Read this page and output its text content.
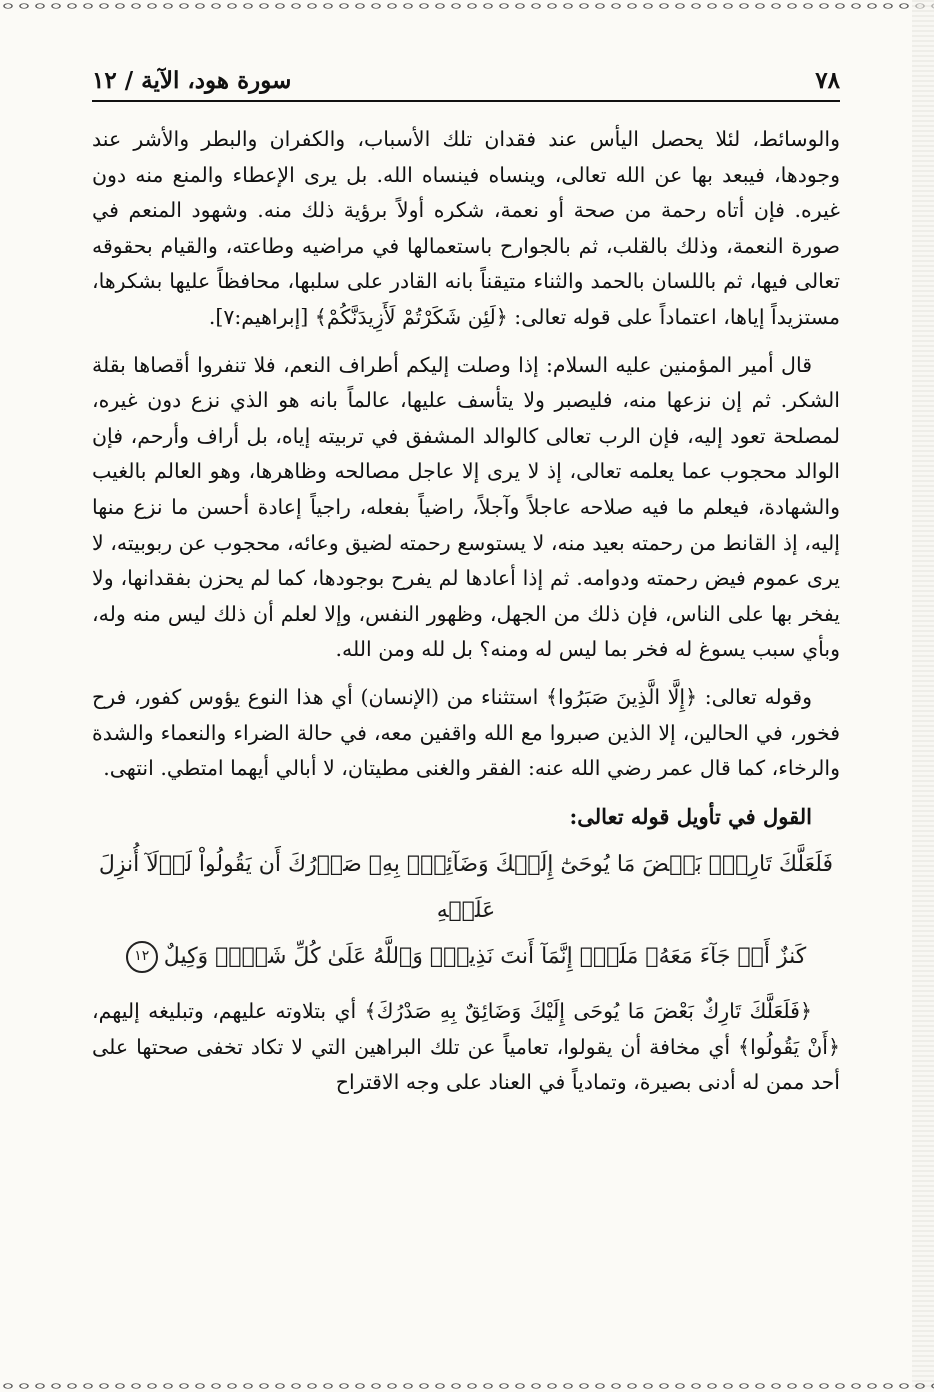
٧٨
سورة هود، الآية / ١٢

والوسائط، لئلا يحصل اليأس عند فقدان تلك الأسباب، والكفران والبطر والأشر عند وجودها، فيبعد بها عن الله تعالى، وينساه فينساه الله. بل يرى الإعطاء والمنع منه دون غيره. فإن أتاه رحمة من صحة أو نعمة، شكره أولاً برؤية ذلك منه. وشهود المنعم في صورة النعمة، وذلك بالقلب، ثم بالجوارح باستعمالها في مراضيه وطاعته، والقيام بحقوقه تعالى فيها، ثم باللسان بالحمد والثناء متيقناً بانه القادر على سلبها، محافظاً عليها بشكرها، مستزيداً إياها، اعتماداً على قوله تعالى: ﴿لَئِن شَكَرْتُمْ لَأَزِيدَنَّكُمْ﴾ [إبراهيم:٧].

قال أمير المؤمنين عليه السلام: إذا وصلت إليكم أطراف النعم، فلا تنفروا أقصاها بقلة الشكر. ثم إن نزعها منه، فليصبر ولا يتأسف عليها، عالماً بانه هو الذي نزع دون غيره، لمصلحة تعود إليه، فإن الرب تعالى كالوالد المشفق في تربيته إياه، بل أراف وأرحم، فإن الوالد محجوب عما يعلمه تعالى، إذ لا يرى إلا عاجل مصالحه وظاهرها، وهو العالم بالغيب والشهادة، فيعلم ما فيه صلاحه عاجلاً وآجلاً، راضياً بفعله، راجياً إعادة أحسن ما نزع منها إليه، إذ القانط من رحمته بعيد منه، لا يستوسع رحمته لضيق وعائه، محجوب عن ربوبيته، لا يرى عموم فيض رحمته ودوامه. ثم إذا أعادها لم يفرح بوجودها، كما لم يحزن بفقدانها، ولا يفخر بها على الناس، فإن ذلك من الجهل، وظهور النفس، وإلا لعلم أن ذلك ليس منه وله، وبأي سبب يسوغ له فخر بما ليس له ومنه؟ بل لله ومن الله.

وقوله تعالى: ﴿إِلَّا الَّذِينَ صَبَرُوا﴾ استثناء من (الإنسان) أي هذا النوع يؤوس كفور، فرح فخور، في الحالين، إلا الذين صبروا مع الله واقفين معه، في حالة الضراء والنعماء والشدة والرخاء، كما قال عمر رضي الله عنه: الفقر والغنى مطيتان، لا أبالي أيهما امتطي. انتهى.

القول في تأويل قوله تعالى:
فَلَعَلَّكَ تَارِكٌۢ بَعۡضَ مَا يُوحَىٰٓ إِلَيۡكَ وَضَآئِقُۢ بِهِۦ صَدۡرُكَ أَن يَقُولُواْ لَوۡلَآ أُنزِلَ عَلَيۡهِ
كَنزٌ أَوۡ جَآءَ مَعَهُۥ مَلَكٌۚ إِنَّمَآ أَنتَ نَذِيرٌۚ وَٱللَّهُ عَلَىٰ كُلِّ شَيۡءٖ وَكِيلٌ١٢

﴿فَلَعَلَّكَ تَارِكٌ بَعْضَ مَا يُوحَى إِلَيْكَ وَضَائِقٌ بِهِ صَدْرُكَ﴾ أي بتلاوته عليهم، وتبليغه إليهم، ﴿أَنْ يَقُولُوا﴾ أي مخافة أن يقولوا، تعامياً عن تلك البراهين التي لا تكاد تخفى صحتها على أحد ممن له أدنى بصيرة، وتمادياً في العناد على وجه الاقتراح
